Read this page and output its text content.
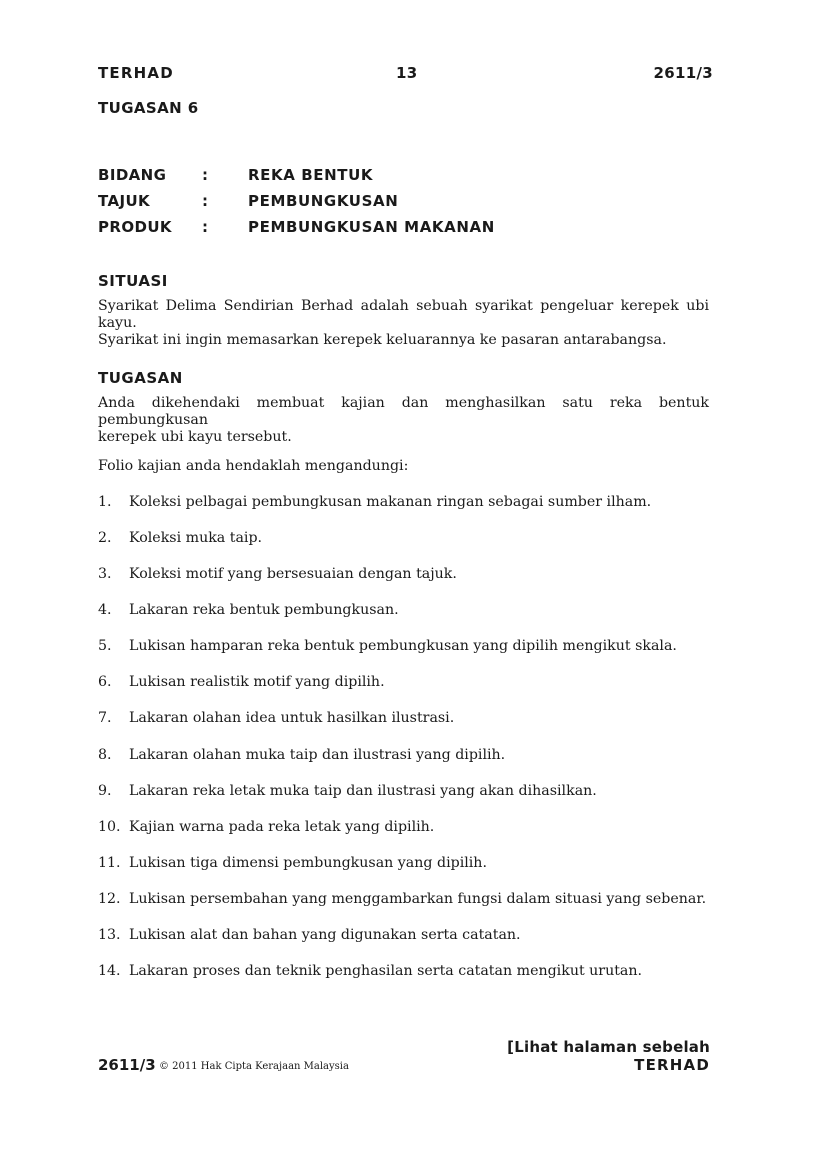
TERHAD	13	2611/3
TUGASAN 6
BIDANG :	REKA BENTUK
TAJUK	:	PEMBUNGKUSAN
PRODUK :	PEMBUNGKUSAN MAKANAN
SITUASI

Syarikat Delima Sendirian Berhad adalah sebuah syarikat pengeluar kerepek ubi kayu.

Syarikat ini ingin memasarkan kerepek keluarannya ke pasaran antarabangsa.

TUGASAN

Anda dikehendaki membuat kajian dan menghasilkan satu reka bentuk pembungkusan

kerepek ubi kayu tersebut.

Folio kajian anda hendaklah mengandungi:
1. Koleksi pelbagai pembungkusan makanan ringan sebagai sumber ilham.
2. Koleksi muka taip.
3. Koleksi motif yang bersesuaian dengan tajuk.
4. Lakaran reka bentuk pembungkusan.
5. Lukisan hamparan reka bentuk pembungkusan yang dipilih mengikut skala.
6. Lukisan realistik motif yang dipilih.
7. Lakaran olahan idea untuk hasilkan ilustrasi.
8. Lakaran olahan muka taip dan ilustrasi yang dipilih.
9. Lakaran reka letak muka taip dan ilustrasi yang akan dihasilkan.
10. Kajian warna pada reka letak yang dipilih.
11. Lukisan tiga dimensi pembungkusan yang dipilih.
12. Lukisan persembahan yang menggambarkan fungsi dalam situasi yang sebenar.
13. Lukisan alat dan bahan yang digunakan serta catatan.
14. Lakaran proses dan teknik penghasilan serta catatan mengikut urutan.
[Lihat halaman sebelah
2611/3 © 2011 Hak Cipta Kerajaan Malaysia	TERHAD
